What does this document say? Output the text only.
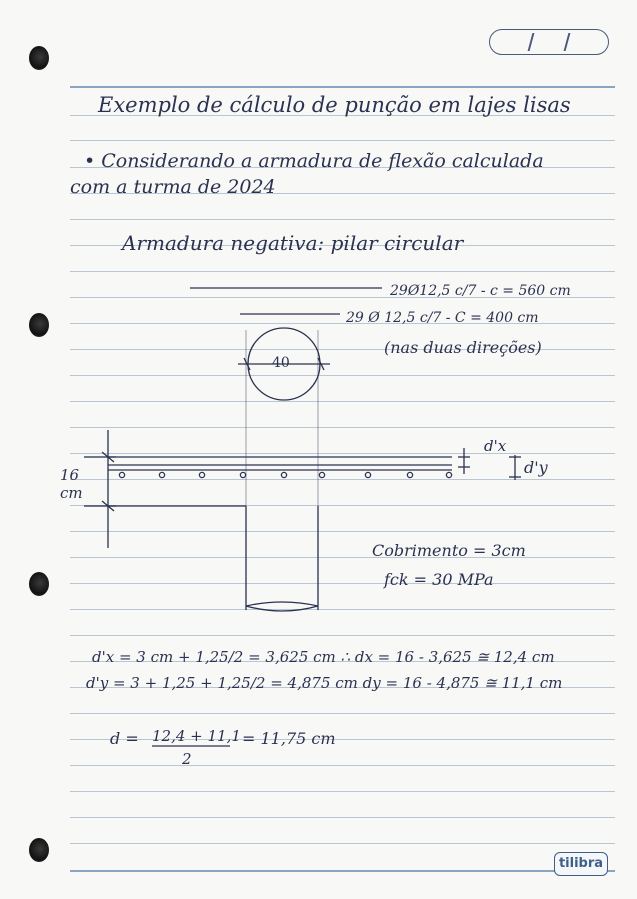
Exemplo de cálculo de punção em lajes lisas
• Considerando a armadura de flexão calculada
com a turma de 2024
Armadura negativa: pilar circular
29Ø12,5 c/7 - c = 560 cm
29 Ø 12,5 c/7 - C = 400 cm
(nas duas direções)
40
16
cm
d'x
d'y
Cobrimento = 3cm
fck = 30 MPa
d'x = 3 cm + 1,25/2 = 3,625 cm ∴ dx = 16 - 3,625 ≅ 12,4 cm
d'y = 3 + 1,25 + 1,25/2 = 4,875 cm dy = 16 - 4,875 ≅ 11,1 cm
d = 12,4 + 11,1
2
= 11,75 cm
tilibra
